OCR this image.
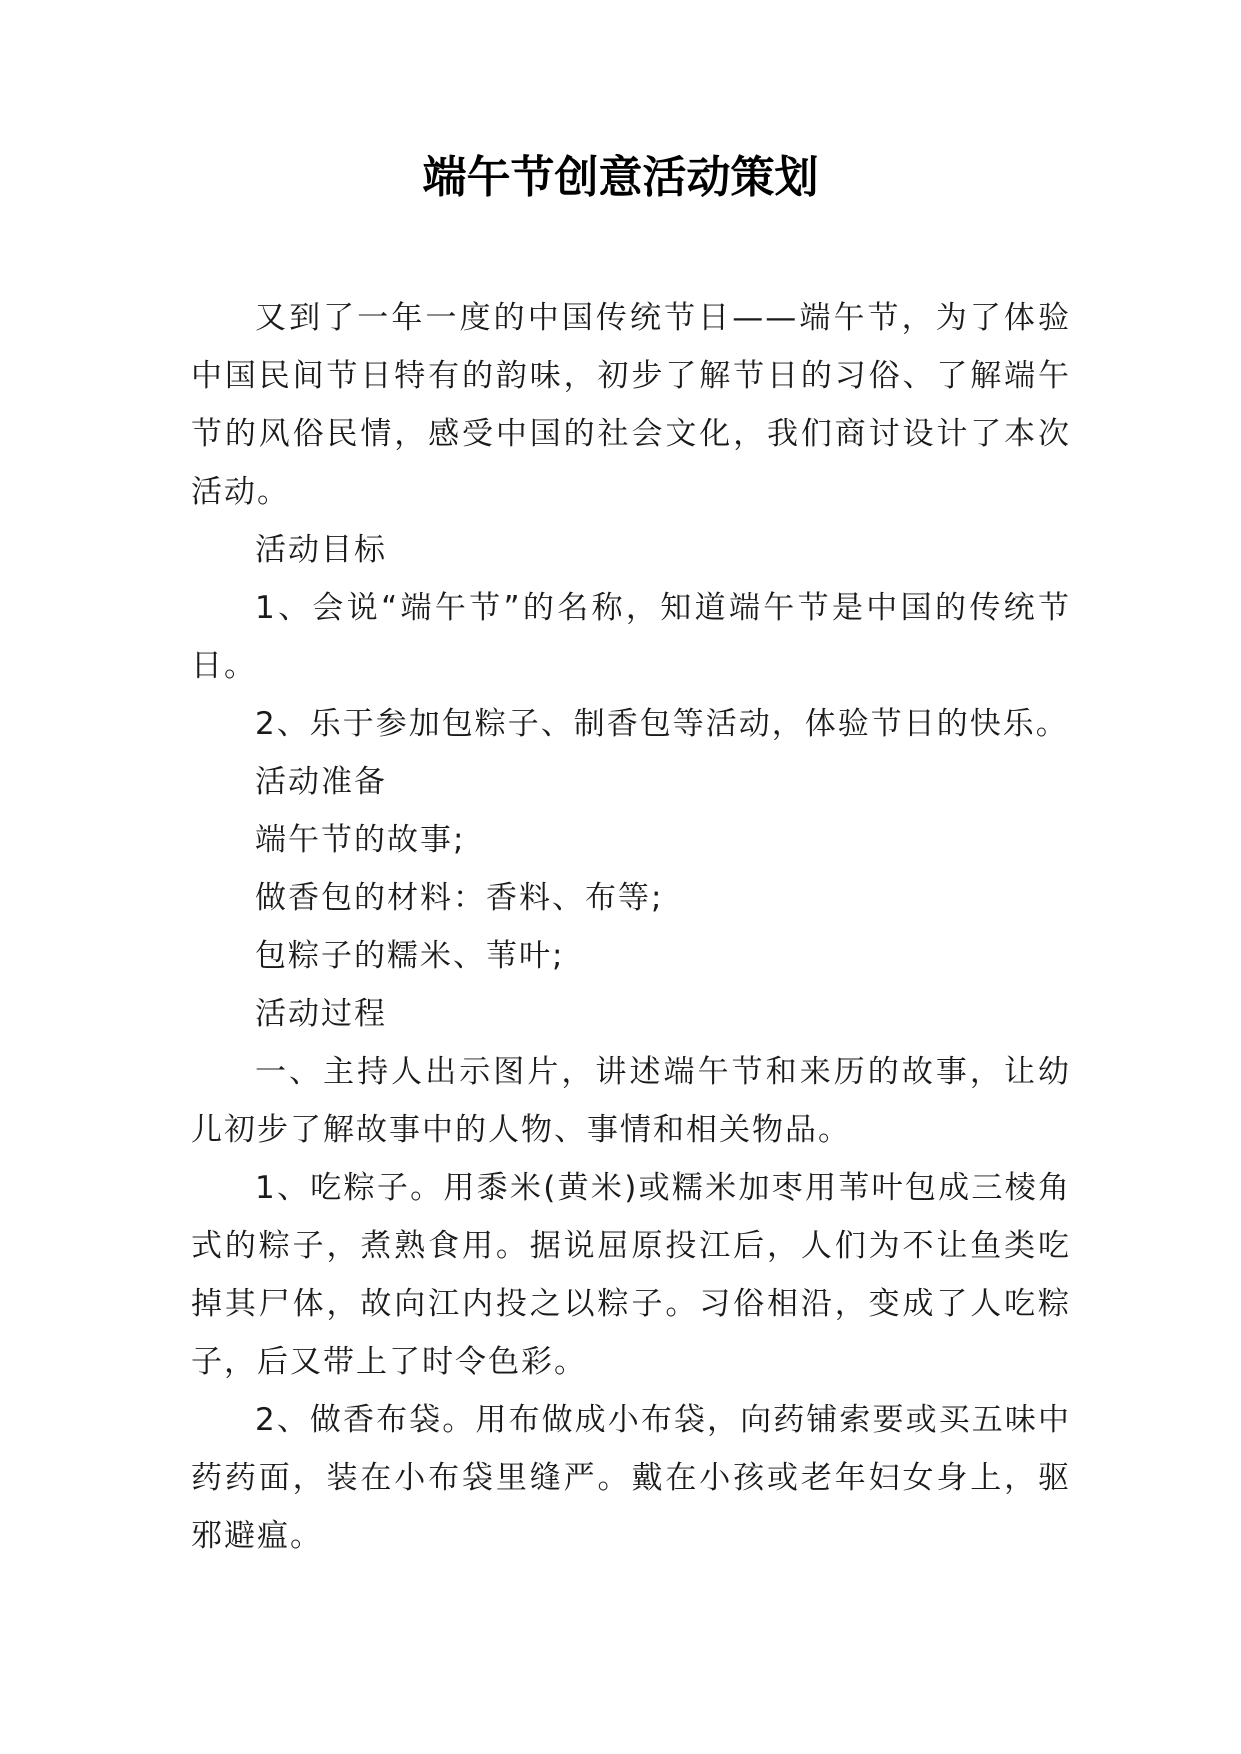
端午节创意活动策划

又到了一年一度的中国传统节日——端午节，为了体验中国民间节日特有的韵味，初步了解节日的习俗、了解端午节的风俗民情，感受中国的社会文化，我们商讨设计了本次活动。

活动目标

1、会说“端午节”的名称，知道端午节是中国的传统节日。

2、乐于参加包粽子、制香包等活动，体验节日的快乐。

活动准备

端午节的故事;

做香包的材料：香料、布等;

包粽子的糯米、苇叶;

活动过程

一、主持人出示图片，讲述端午节和来历的故事，让幼儿初步了解故事中的人物、事情和相关物品。

1、吃粽子。用黍米(黄米)或糯米加枣用苇叶包成三棱角式的粽子，煮熟食用。据说屈原投江后，人们为不让鱼类吃掉其尸体，故向江内投之以粽子。习俗相沿，变成了人吃粽子，后又带上了时令色彩。

2、做香布袋。用布做成小布袋，向药铺索要或买五味中药药面，装在小布袋里缝严。戴在小孩或老年妇女身上，驱邪避瘟。
